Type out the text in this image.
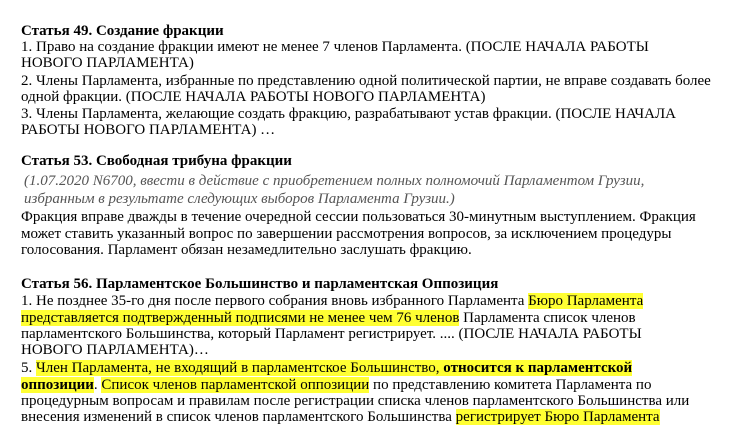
Статья 49. Создание фракции
1. Право на создание фракции имеют не менее 7 членов Парламента. (ПОСЛЕ НАЧАЛА РАБОТЫ
НОВОГО ПАРЛАМЕНТА)
2. Члены Парламента, избранные по представлению одной политической партии, не вправе создавать более
одной фракции. (ПОСЛЕ НАЧАЛА РАБОТЫ НОВОГО ПАРЛАМЕНТА)
3. Члены Парламента, желающие создать фракцию, разрабатывают устав фракции. (ПОСЛЕ НАЧАЛА
РАБОТЫ НОВОГО ПАРЛАМЕНТА) …
Статья 53. Свободная трибуна фракции
(1.07.2020 N6700, ввести в действие с приобретением полных полномочий Парламентом Грузии,
избранным в результате следующих выборов Парламента Грузии.)
Фракция вправе дважды в течение очередной сессии пользоваться 30-минутным выступлением. Фракция
может ставить указанный вопрос по завершении рассмотрения вопросов, за исключением процедуры
голосования. Парламент обязан незамедлительно заслушать фракцию.
Статья 56. Парламентское Большинство и парламентская Оппозиция
1. Не позднее 35-го дня после первого собрания вновь избранного Парламента Бюро Парламента
представляется подтвержденный подписями не менее чем 76 членов Парламента список членов
парламентского Большинства, который Парламент регистрирует. .... (ПОСЛЕ НАЧАЛА РАБОТЫ
НОВОГО ПАРЛАМЕНТА)…
5. Член Парламента, не входящий в парламентское Большинство, относится к парламентской
оппозиции. Список членов парламентской оппозиции по представлению комитета Парламента по
процедурным вопросам и правилам после регистрации списка членов парламентского Большинства или
внесения изменений в список членов парламентского Большинства регистрирует Бюро Парламента
